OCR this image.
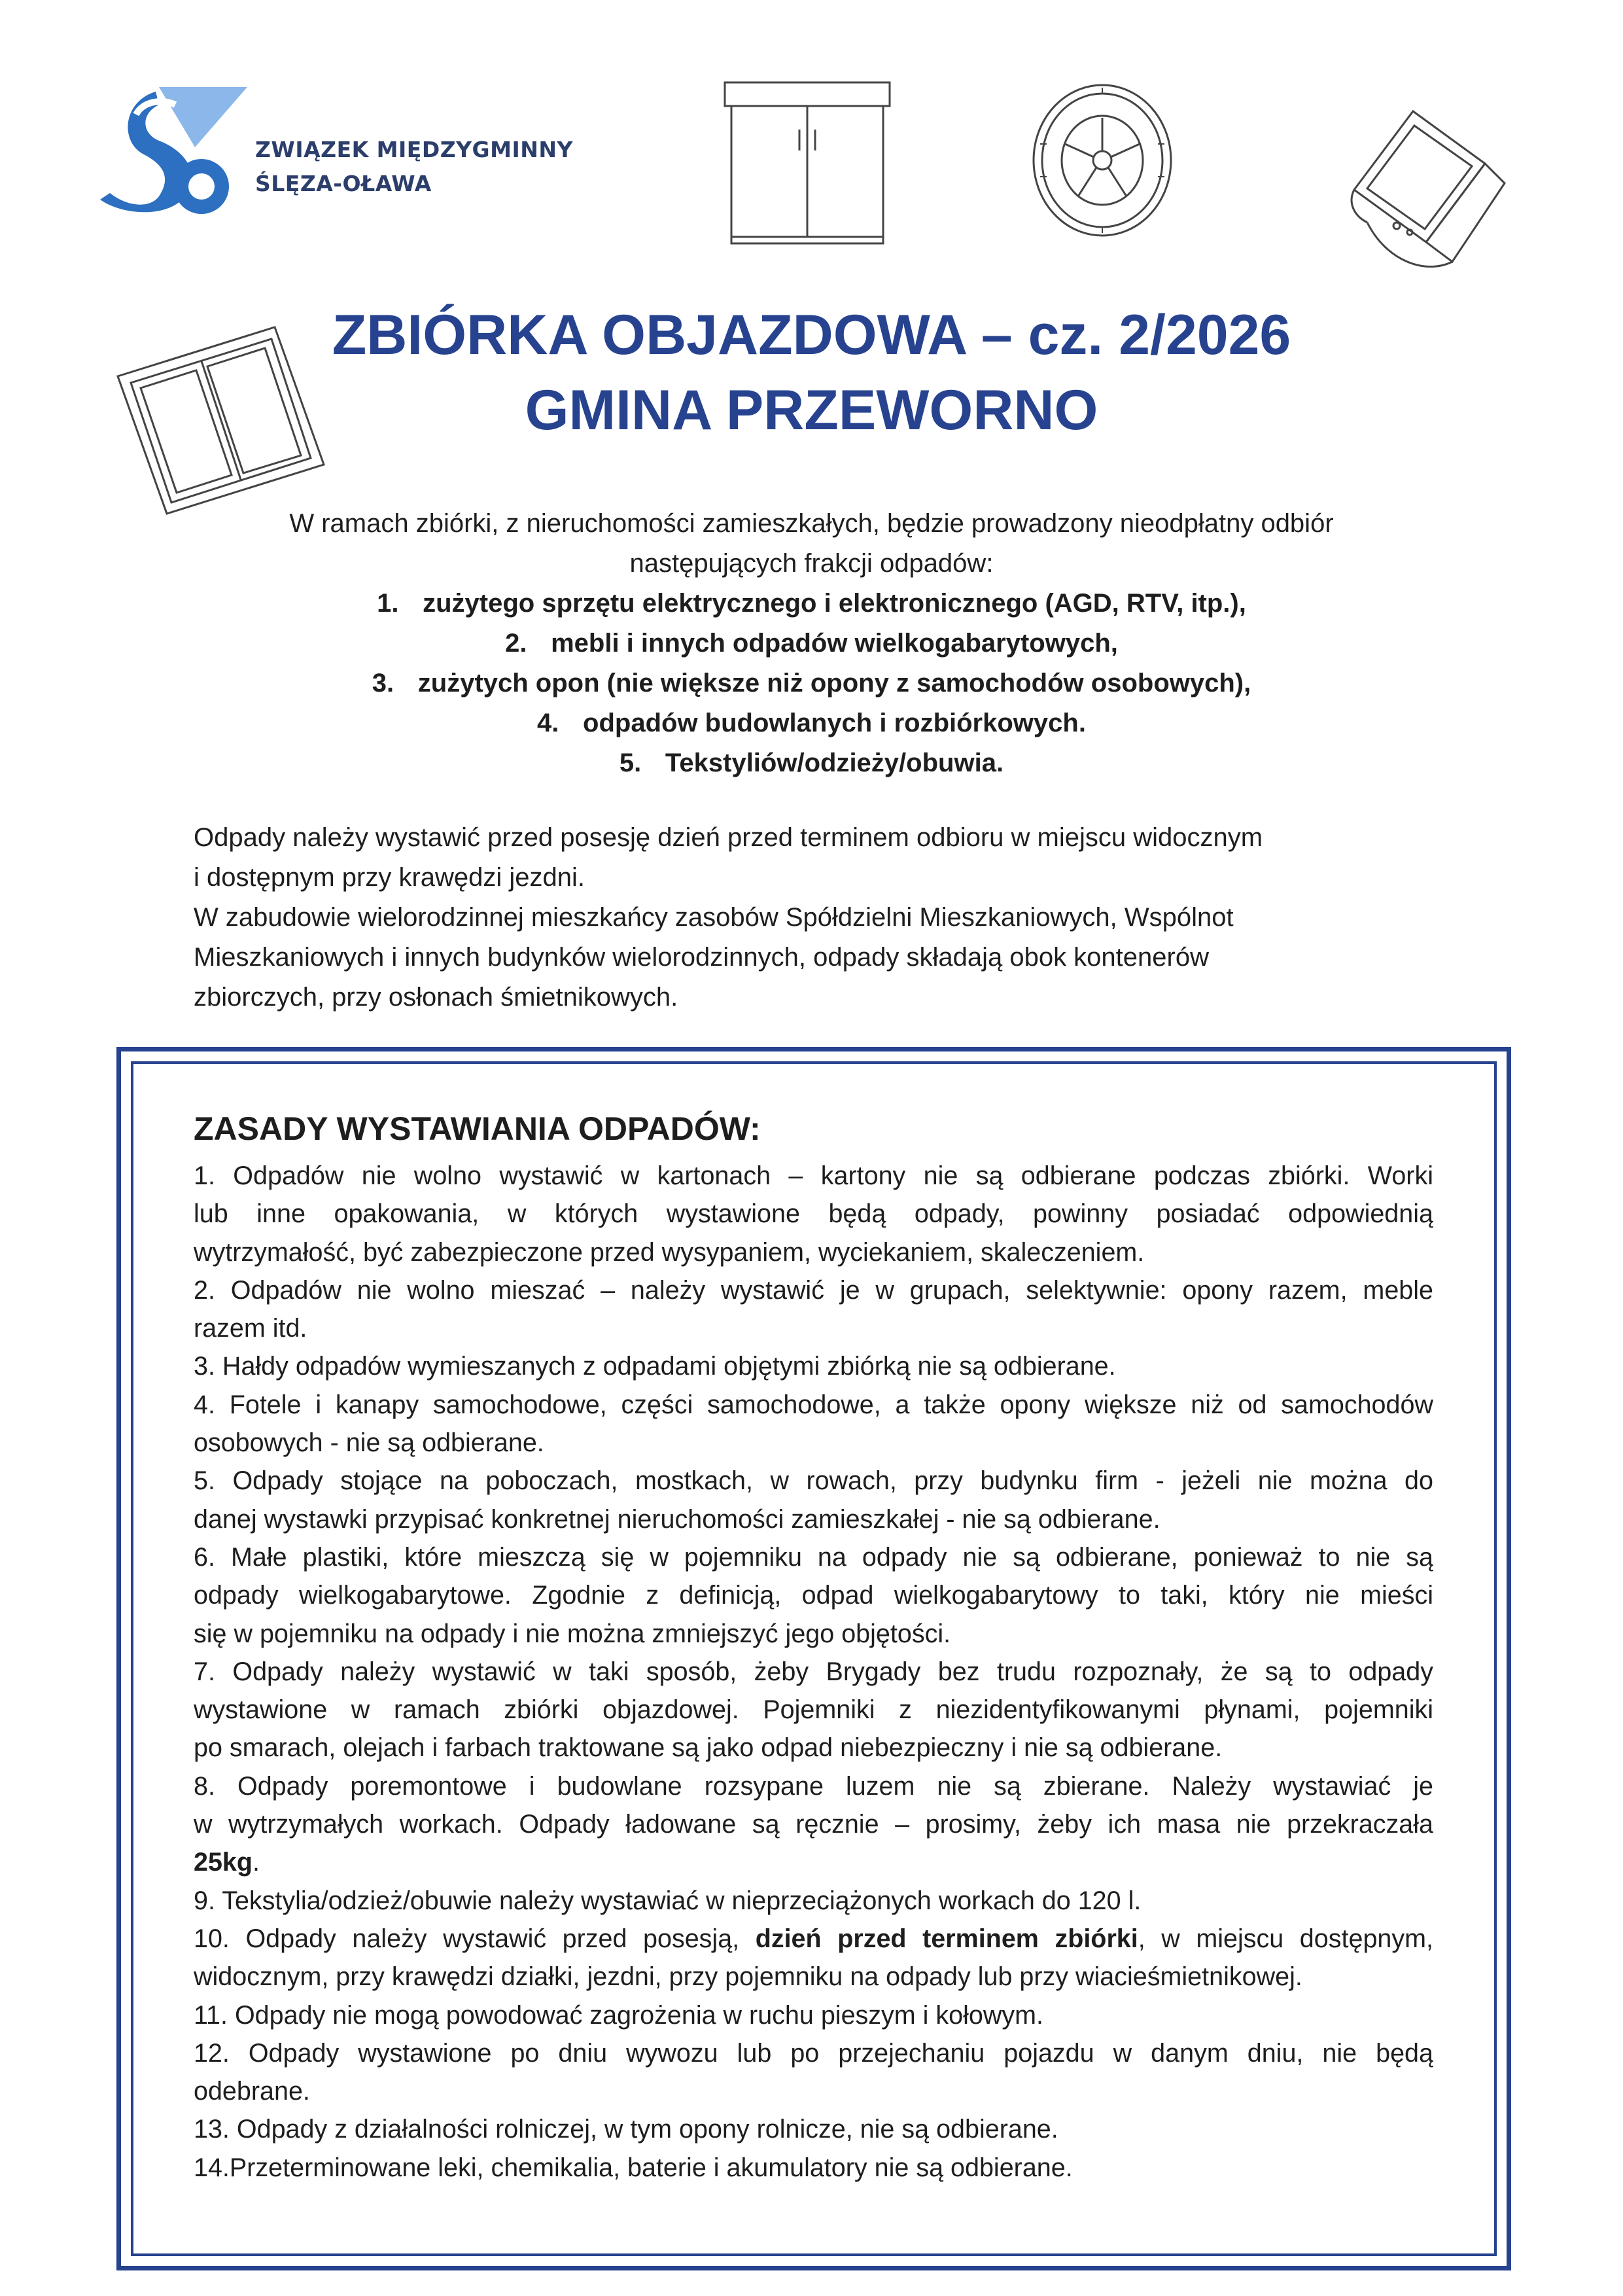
ZWIĄZEK MIĘDZYGMINNY
ŚLĘZA-OŁAWA
ZBIÓRKA OBJAZDOWA – cz. 2/2026
GMINA PRZEWORNO
W ramach zbiórki, z nieruchomości zamieszkałych, będzie prowadzony nieodpłatny odbiór
następujących frakcji odpadów:
1. zużytego sprzętu elektrycznego i elektronicznego (AGD, RTV, itp.),
2. mebli i innych odpadów wielkogabarytowych,
3. zużytych opon (nie większe niż opony z samochodów osobowych),
4. odpadów budowlanych i rozbiórkowych.
5. Tekstyliów/odzieży/obuwia.
Odpady należy wystawić przed posesję dzień przed terminem odbioru w miejscu widocznym
i dostępnym przy krawędzi jezdni.
W zabudowie wielorodzinnej mieszkańcy zasobów Spółdzielni Mieszkaniowych, Wspólnot
Mieszkaniowych i innych budynków wielorodzinnych, odpady składają obok kontenerów
zbiorczych, przy osłonach śmietnikowych.
ZASADY WYSTAWIANIA ODPADÓW:
1. Odpadów nie wolno wystawić w kartonach – kartony nie są odbierane podczas zbiórki. Worki
lub inne opakowania, w których wystawione będą odpady, powinny posiadać odpowiednią
wytrzymałość, być zabezpieczone przed wysypaniem, wyciekaniem, skaleczeniem.
2. Odpadów nie wolno mieszać – należy wystawić je w grupach, selektywnie: opony razem, meble
razem itd.
3. Hałdy odpadów wymieszanych z odpadami objętymi zbiórką nie są odbierane.
4. Fotele i kanapy samochodowe, części samochodowe, a także opony większe niż od samochodów
osobowych - nie są odbierane.
5. Odpady stojące na poboczach, mostkach, w rowach, przy budynku firm - jeżeli nie można do
danej wystawki przypisać konkretnej nieruchomości zamieszkałej - nie są odbierane.
6. Małe plastiki, które mieszczą się w pojemniku na odpady nie są odbierane, ponieważ to nie są
odpady wielkogabarytowe. Zgodnie z definicją, odpad wielkogabarytowy to taki, który nie mieści
się w pojemniku na odpady i nie można zmniejszyć jego objętości.
7. Odpady należy wystawić w taki sposób, żeby Brygady bez trudu rozpoznały, że są to odpady
wystawione w ramach zbiórki objazdowej. Pojemniki z niezidentyfikowanymi płynami, pojemniki
po smarach, olejach i farbach traktowane są jako odpad niebezpieczny i nie są odbierane.
8. Odpady poremontowe i budowlane rozsypane luzem nie są zbierane. Należy wystawiać je
w wytrzymałych workach. Odpady ładowane są ręcznie – prosimy, żeby ich masa nie przekraczała
25kg.
9. Tekstylia/odzież/obuwie należy wystawiać w nieprzeciążonych workach do 120 l.
10. Odpady należy wystawić przed posesją, dzień przed terminem zbiórki, w miejscu dostępnym,
widocznym, przy krawędzi działki, jezdni, przy pojemniku na odpady lub przy wiacieśmietnikowej.
11. Odpady nie mogą powodować zagrożenia w ruchu pieszym i kołowym.
12. Odpady wystawione po dniu wywozu lub po przejechaniu pojazdu w danym dniu, nie będą
odebrane.
13. Odpady z działalności rolniczej, w tym opony rolnicze, nie są odbierane.
14.Przeterminowane leki, chemikalia, baterie i akumulatory nie są odbierane.
